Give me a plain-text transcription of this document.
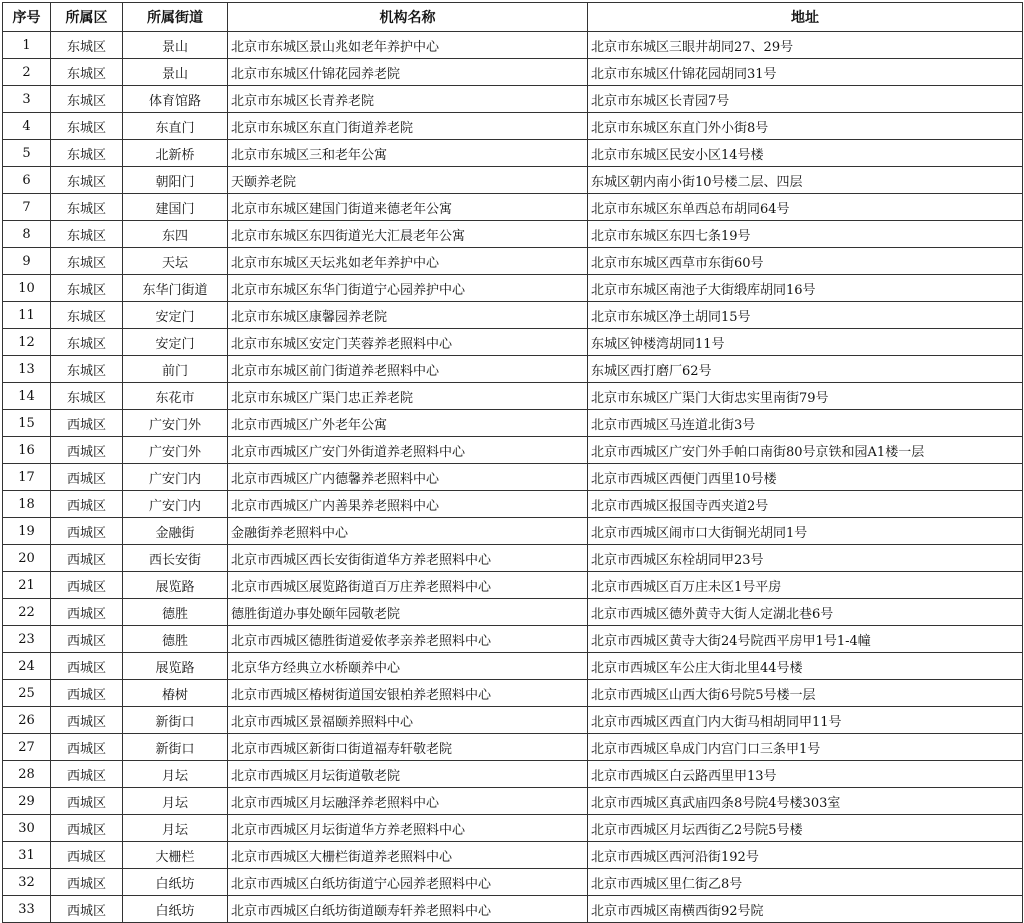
序号	所属区	所属街道	机构名称	地址
1	东城区	景山	北京市东城区景山兆如老年养护中心	北京市东城区三眼井胡同27、29号
2	东城区	景山	北京市东城区什锦花园养老院	北京市东城区什锦花园胡同31号
3	东城区	体育馆路	北京市东城区长青养老院	北京市东城区长青园7号
4	东城区	东直门	北京市东城区东直门街道养老院	北京市东城区东直门外小街8号
5	东城区	北新桥	北京市东城区三和老年公寓	北京市东城区民安小区14号楼
6	东城区	朝阳门	天颐养老院	东城区朝内南小街10号楼二层、四层
7	东城区	建国门	北京市东城区建国门街道来德老年公寓	北京市东城区东单西总布胡同64号
8	东城区	东四	北京市东城区东四街道光大汇晨老年公寓	北京市东城区东四七条19号
9	东城区	天坛	北京市东城区天坛兆如老年养护中心	北京市东城区西草市东街60号
10	东城区	东华门街道	北京市东城区东华门街道宁心园养护中心	北京市东城区南池子大街缎库胡同16号
11	东城区	安定门	北京市东城区康馨园养老院	北京市东城区净土胡同15号
12	东城区	安定门	北京市东城区安定门芙蓉养老照料中心	东城区钟楼湾胡同11号
13	东城区	前门	北京市东城区前门街道养老照料中心	东城区西打磨厂62号
14	东城区	东花市	北京市东城区广渠门忠正养老院	北京市东城区广渠门大街忠实里南街79号
15	西城区	广安门外	北京市西城区广外老年公寓	北京市西城区马连道北街3号
16	西城区	广安门外	北京市西城区广安门外街道养老照料中心	北京市西城区广安门外手帕口南街80号京铁和园A1楼一层
17	西城区	广安门内	北京市西城区广内德馨养老照料中心	北京市西城区西便门西里10号楼
18	西城区	广安门内	北京市西城区广内善果养老照料中心	北京市西城区报国寺西夹道2号
19	西城区	金融街	金融街养老照料中心	北京市西城区闹市口大街铜光胡同1号
20	西城区	西长安街	北京市西城区西长安街街道华方养老照料中心	北京市西城区东栓胡同甲23号
21	西城区	展览路	北京市西城区展览路街道百万庄养老照料中心	北京市西城区百万庄未区1号平房
22	西城区	德胜	德胜街道办事处颐年园敬老院	北京市西城区德外黄寺大街人定湖北巷6号
23	西城区	德胜	北京市西城区德胜街道爱侬孝亲养老照料中心	北京市西城区黄寺大街24号院西平房甲1号1-4幢
24	西城区	展览路	北京华方经典立水桥颐养中心	北京市西城区车公庄大街北里44号楼
25	西城区	椿树	北京市西城区椿树街道国安银柏养老照料中心	北京市西城区山西大街6号院5号楼一层
26	西城区	新街口	北京市西城区景福颐养照料中心	北京市西城区西直门内大街马相胡同甲11号
27	西城区	新街口	北京市西城区新街口街道福寿轩敬老院	北京市西城区阜成门内宫门口三条甲1号
28	西城区	月坛	北京市西城区月坛街道敬老院	北京市西城区白云路西里甲13号
29	西城区	月坛	北京市西城区月坛融泽养老照料中心	北京市西城区真武庙四条8号院4号楼303室
30	西城区	月坛	北京市西城区月坛街道华方养老照料中心	北京市西城区月坛西街乙2号院5号楼
31	西城区	大栅栏	北京市西城区大栅栏街道养老照料中心	北京市西城区西河沿街192号
32	西城区	白纸坊	北京市西城区白纸坊街道宁心园养老照料中心	北京市西城区里仁街乙8号
33	西城区	白纸坊	北京市西城区白纸坊街道颐寿轩养老照料中心	北京市西城区南横西街92号院
